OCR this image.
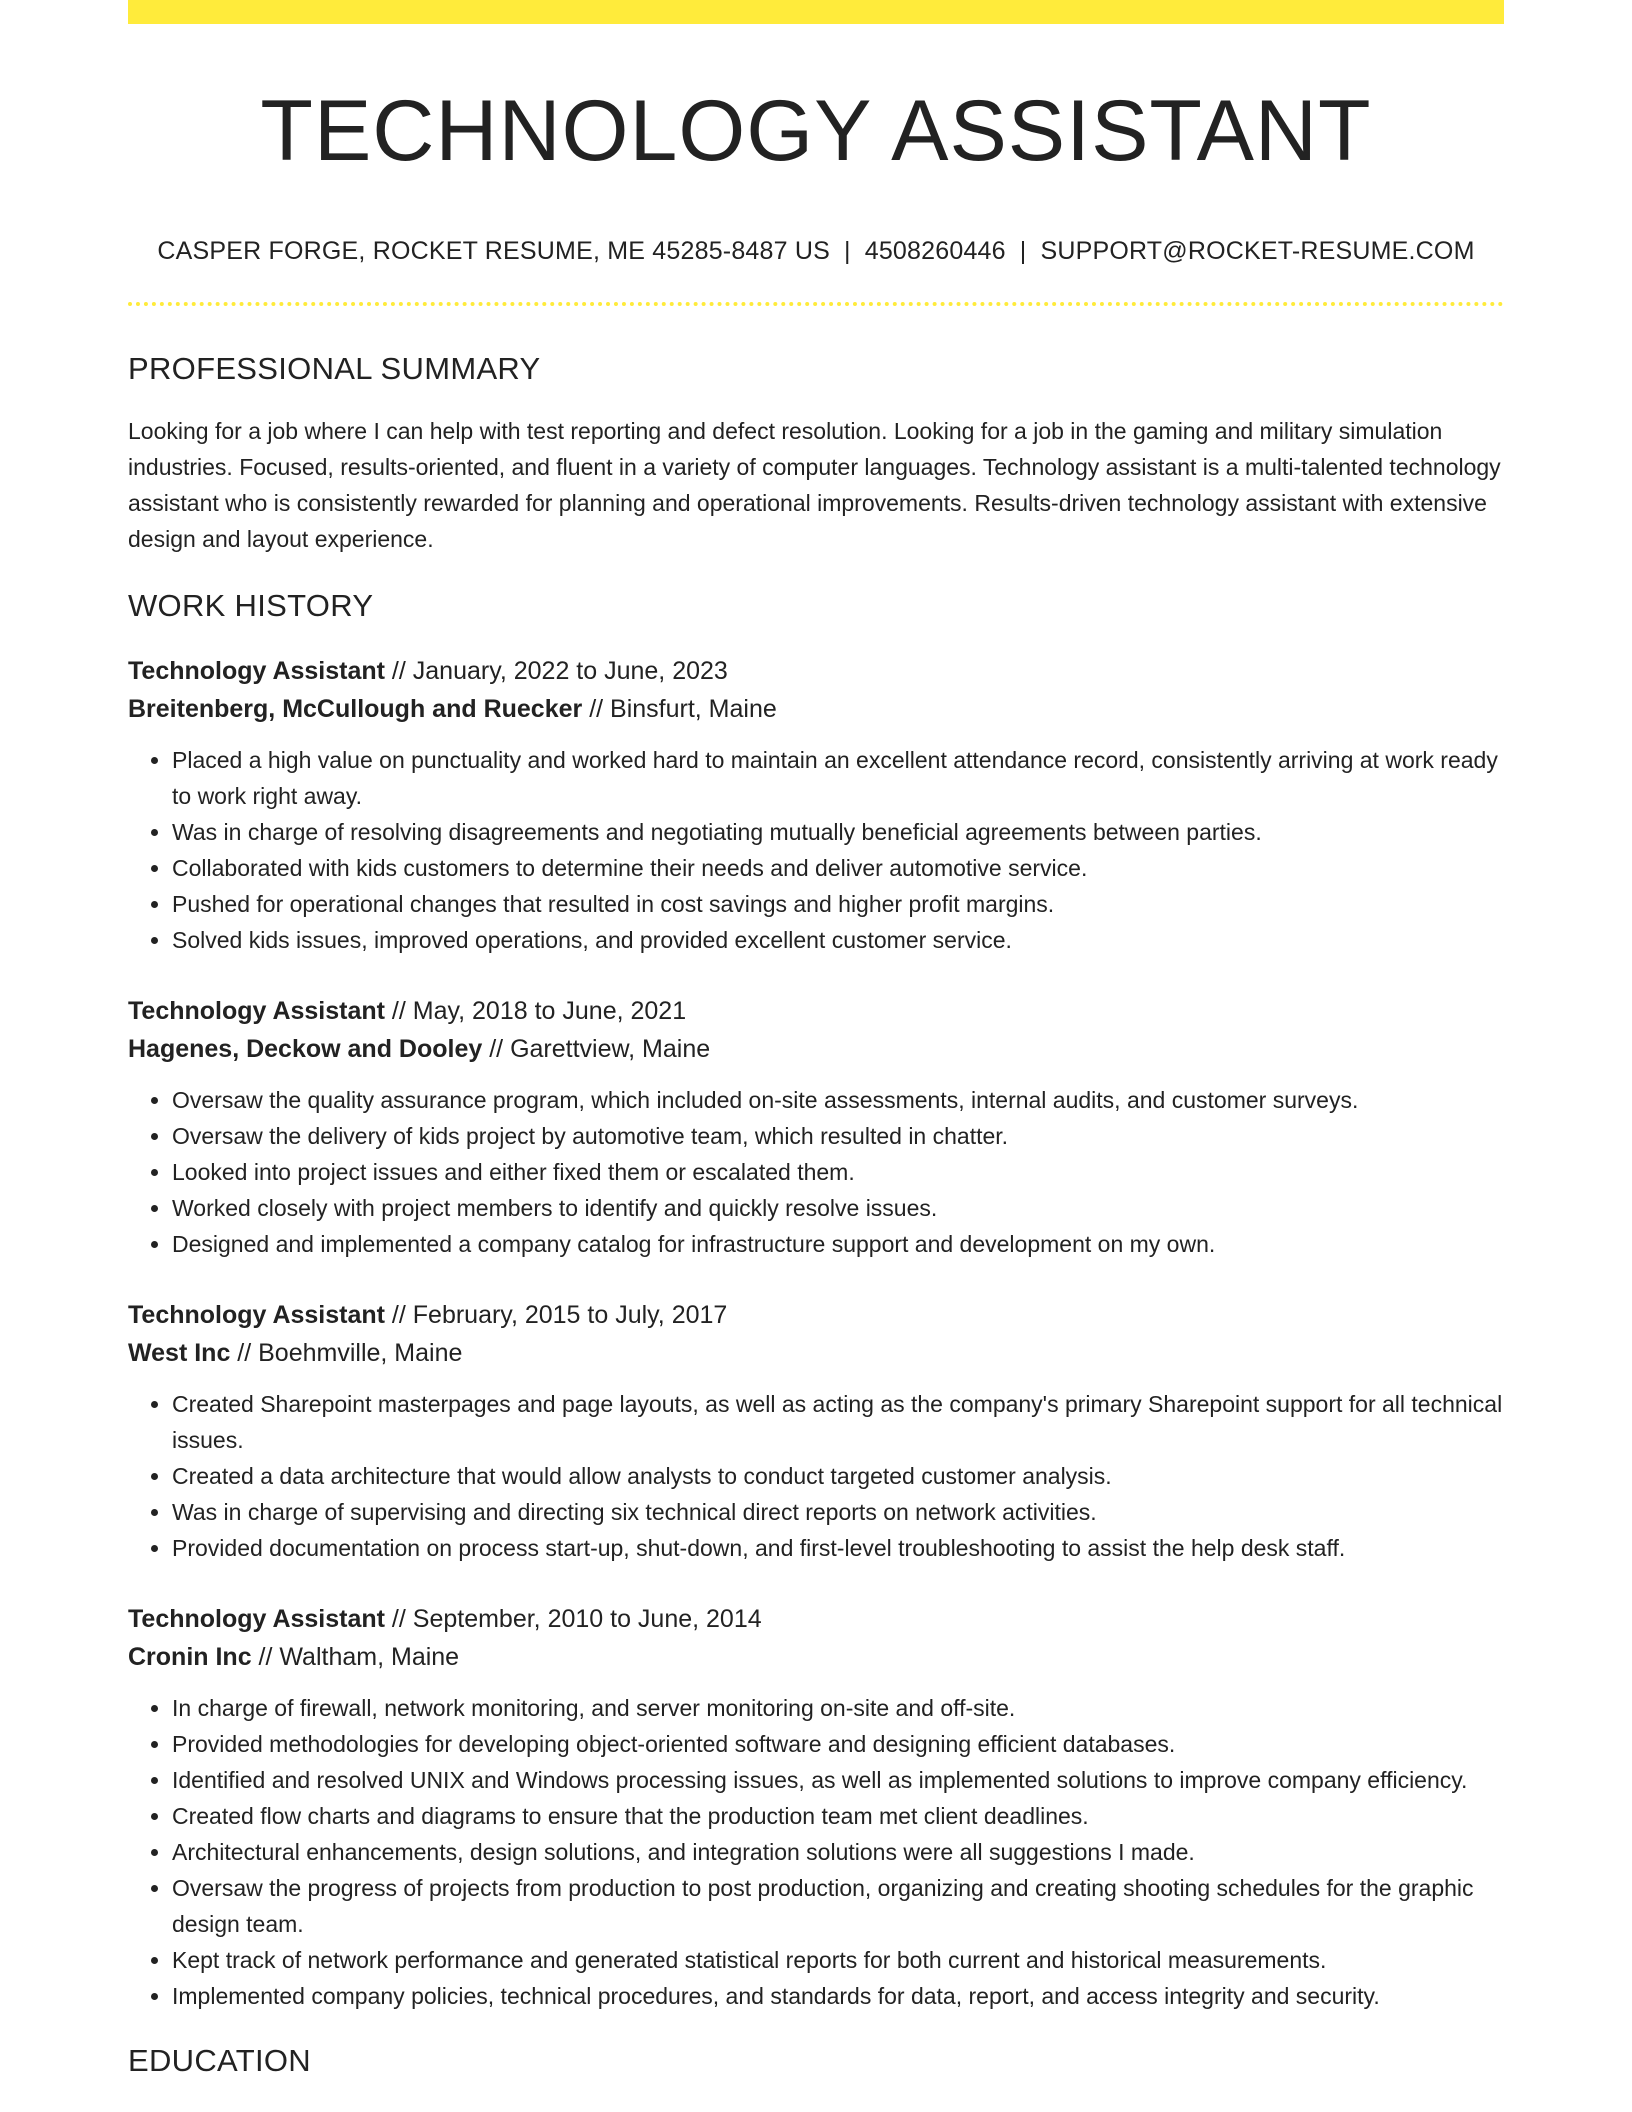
TECHNOLOGY ASSISTANT
CASPER FORGE, ROCKET RESUME, ME 45285-8487 US | 4508260446 | SUPPORT@ROCKET-RESUME.COM
PROFESSIONAL SUMMARY

Looking for a job where I can help with test reporting and defect resolution. Looking for a job in the gaming and military simulation industries. Focused, results-oriented, and fluent in a variety of computer languages. Technology assistant is a multi-talented technology assistant who is consistently rewarded for planning and operational improvements. Results-driven technology assistant with extensive design and layout experience.

WORK HISTORY
Technology Assistant // January, 2022 to June, 2023
Breitenberg, McCullough and Ruecker // Binsfurt, Maine
• Placed a high value on punctuality and worked hard to maintain an excellent attendance record, consistently arriving at work ready to work right away.
• Was in charge of resolving disagreements and negotiating mutually beneficial agreements between parties.
• Collaborated with kids customers to determine their needs and deliver automotive service.
• Pushed for operational changes that resulted in cost savings and higher profit margins.
• Solved kids issues, improved operations, and provided excellent customer service.
Technology Assistant // May, 2018 to June, 2021
Hagenes, Deckow and Dooley // Garettview, Maine
• Oversaw the quality assurance program, which included on-site assessments, internal audits, and customer surveys.
• Oversaw the delivery of kids project by automotive team, which resulted in chatter.
• Looked into project issues and either fixed them or escalated them.
• Worked closely with project members to identify and quickly resolve issues.
• Designed and implemented a company catalog for infrastructure support and development on my own.
Technology Assistant // February, 2015 to July, 2017
West Inc // Boehmville, Maine
• Created Sharepoint masterpages and page layouts, as well as acting as the company's primary Sharepoint support for all technical issues.
• Created a data architecture that would allow analysts to conduct targeted customer analysis.
• Was in charge of supervising and directing six technical direct reports on network activities.
• Provided documentation on process start-up, shut-down, and first-level troubleshooting to assist the help desk staff.
Technology Assistant // September, 2010 to June, 2014
Cronin Inc // Waltham, Maine
• In charge of firewall, network monitoring, and server monitoring on-site and off-site.
• Provided methodologies for developing object-oriented software and designing efficient databases.
• Identified and resolved UNIX and Windows processing issues, as well as implemented solutions to improve company efficiency.
• Created flow charts and diagrams to ensure that the production team met client deadlines.
• Architectural enhancements, design solutions, and integration solutions were all suggestions I made.
• Oversaw the progress of projects from production to post production, organizing and creating shooting schedules for the graphic design team.
• Kept track of network performance and generated statistical reports for both current and historical measurements.
• Implemented company policies, technical procedures, and standards for data, report, and access integrity and security.
EDUCATION
